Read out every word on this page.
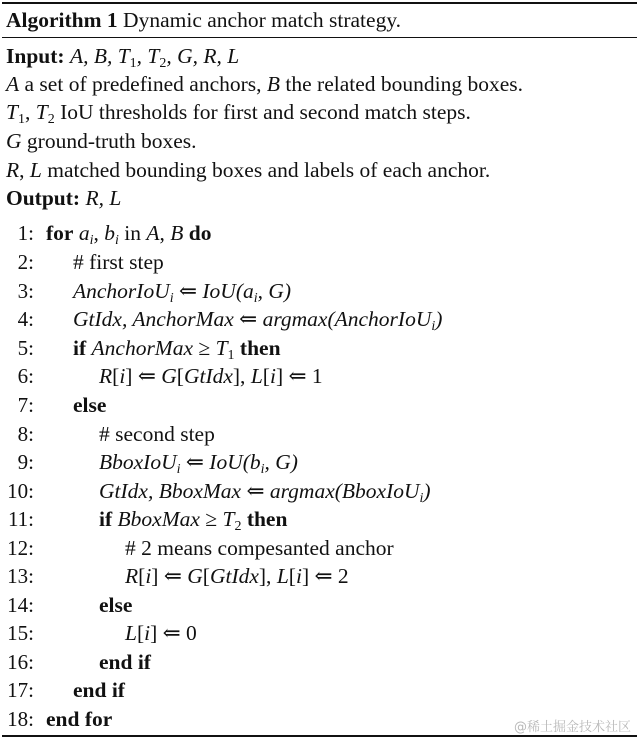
Algorithm 1 Dynamic anchor match strategy.
Input: A, B, T1, T2, G, R, L
A a set of predefined anchors, B the related bounding boxes.
T1, T2 IoU thresholds for first and second match steps.
G ground-truth boxes.
R, L matched bounding boxes and labels of each anchor.
Output: R, L
1: for $a_i$, $b_i$ in A, B do
2: # first step
3: AnchorIoU$_i$ ⇐ $IoU(a_i$, G)
4: GtIdx, AnchorMax ⇐ argmax(AnchorIoU$_i$)
5: if AnchorMax ≥ T1 then
6:	R[i] ⇐ G[GtIdx], L[i] ⇐ 1
7: else
8:	# second step
9:	BboxIoU$_i$ ⇐ $IoU(b_i$, G)
10:	GtIdx, BboxMax ⇐ argmax(BboxIoU$_i$)
11:	if BboxMax ≥ T2 then
12:	# 2 means compesanted anchor
13:	R[i] ⇐ G[GtIdx], L[i] ⇐ 2
14:	else
15:	L[i] ⇐ 0
16:	end if
17: end if
18: end for	@稀土掘金技术社区
